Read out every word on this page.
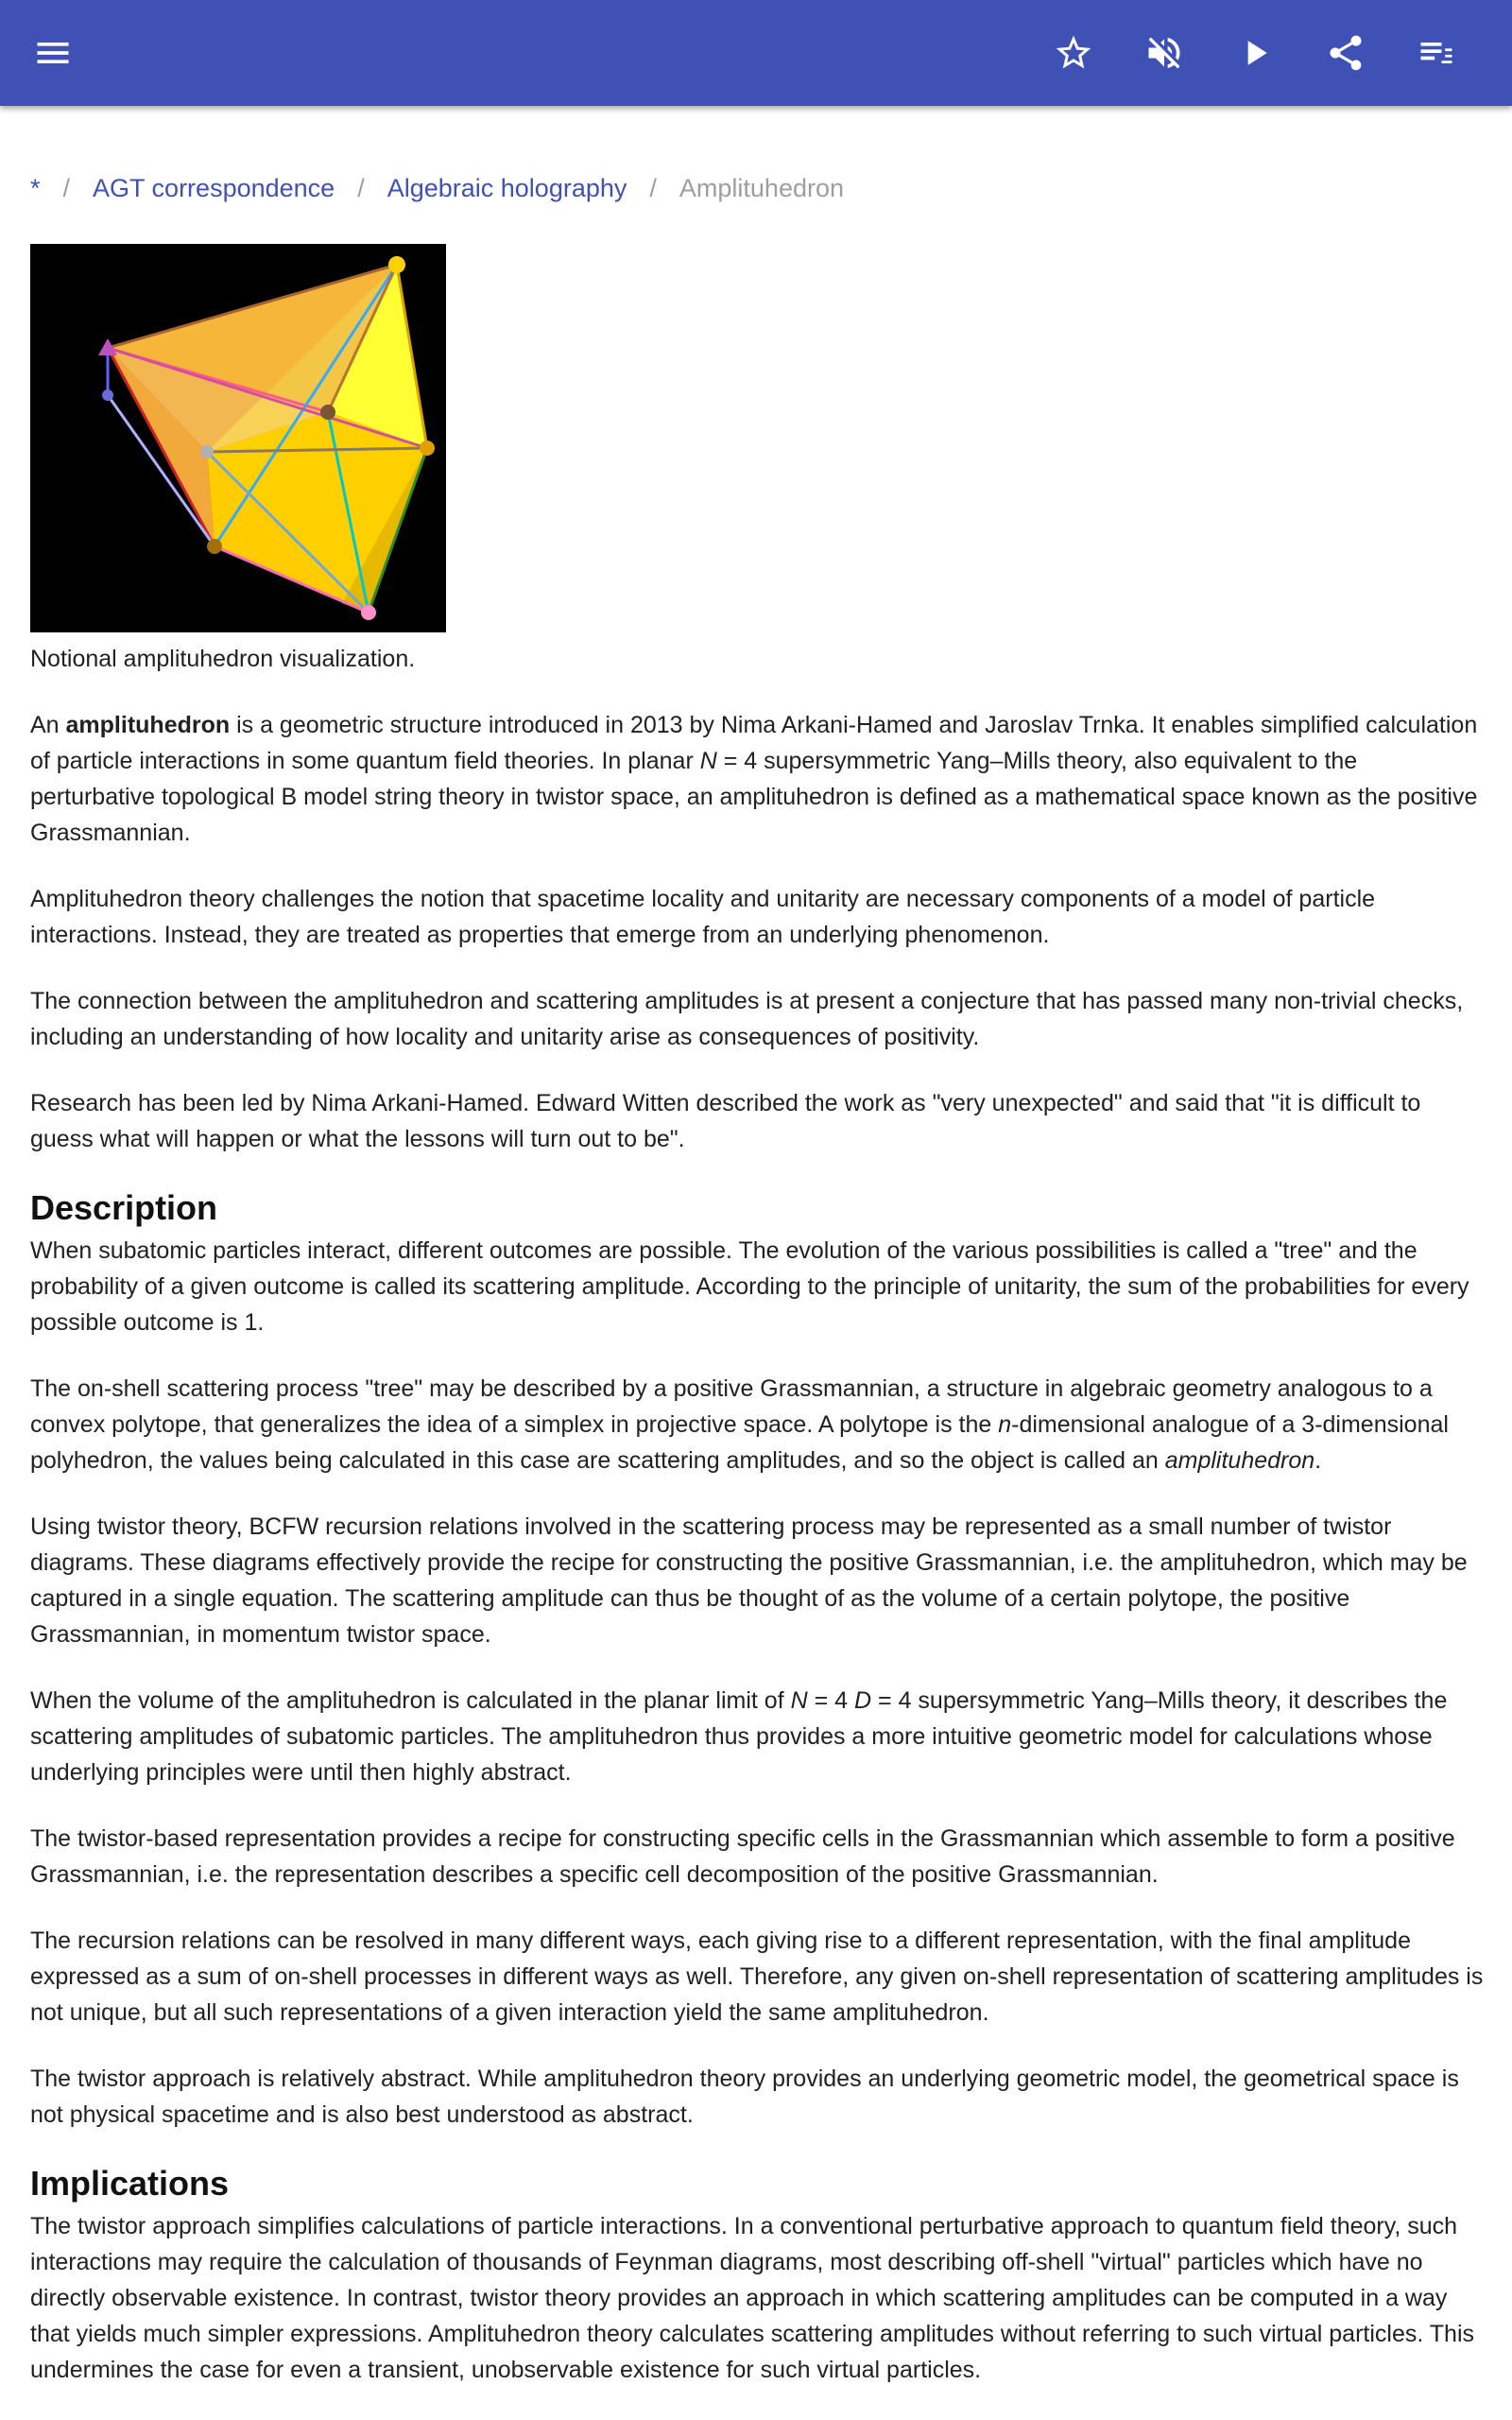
* / AGT correspondence / Algebraic holography / Amplituhedron

Notional amplituhedron visualization.

An amplituhedron is a geometric structure introduced in 2013 by Nima Arkani-Hamed and Jaroslav Trnka. It enables simplified calculation of particle interactions in some quantum field theories. In planar N = 4 supersymmetric Yang–Mills theory, also equivalent to the perturbative topological B model string theory in twistor space, an amplituhedron is defined as a mathematical space known as the positive Grassmannian.

Amplituhedron theory challenges the notion that spacetime locality and unitarity are necessary components of a model of particle interactions. Instead, they are treated as properties that emerge from an underlying phenomenon.

The connection between the amplituhedron and scattering amplitudes is at present a conjecture that has passed many non-trivial checks, including an understanding of how locality and unitarity arise as consequences of positivity.

Research has been led by Nima Arkani-Hamed. Edward Witten described the work as "very unexpected" and said that "it is difficult to guess what will happen or what the lessons will turn out to be".

Description

When subatomic particles interact, different outcomes are possible. The evolution of the various possibilities is called a "tree" and the probability of a given outcome is called its scattering amplitude. According to the principle of unitarity, the sum of the probabilities for every possible outcome is 1.

The on-shell scattering process "tree" may be described by a positive Grassmannian, a structure in algebraic geometry analogous to a convex polytope, that generalizes the idea of a simplex in projective space. A polytope is the n-dimensional analogue of a 3-dimensional polyhedron, the values being calculated in this case are scattering amplitudes, and so the object is called an amplituhedron.

Using twistor theory, BCFW recursion relations involved in the scattering process may be represented as a small number of twistor diagrams. These diagrams effectively provide the recipe for constructing the positive Grassmannian, i.e. the amplituhedron, which may be captured in a single equation. The scattering amplitude can thus be thought of as the volume of a certain polytope, the positive Grassmannian, in momentum twistor space.

When the volume of the amplituhedron is calculated in the planar limit of N = 4 D = 4 supersymmetric Yang–Mills theory, it describes the scattering amplitudes of subatomic particles. The amplituhedron thus provides a more intuitive geometric model for calculations whose underlying principles were until then highly abstract.

The twistor-based representation provides a recipe for constructing specific cells in the Grassmannian which assemble to form a positive Grassmannian, i.e. the representation describes a specific cell decomposition of the positive Grassmannian.

The recursion relations can be resolved in many different ways, each giving rise to a different representation, with the final amplitude expressed as a sum of on-shell processes in different ways as well. Therefore, any given on-shell representation of scattering amplitudes is not unique, but all such representations of a given interaction yield the same amplituhedron.

The twistor approach is relatively abstract. While amplituhedron theory provides an underlying geometric model, the geometrical space is not physical spacetime and is also best understood as abstract.

Implications

The twistor approach simplifies calculations of particle interactions. In a conventional perturbative approach to quantum field theory, such interactions may require the calculation of thousands of Feynman diagrams, most describing off-shell "virtual" particles which have no directly observable existence. In contrast, twistor theory provides an approach in which scattering amplitudes can be computed in a way that yields much simpler expressions. Amplituhedron theory calculates scattering amplitudes without referring to such virtual particles. This undermines the case for even a transient, unobservable existence for such virtual particles.
